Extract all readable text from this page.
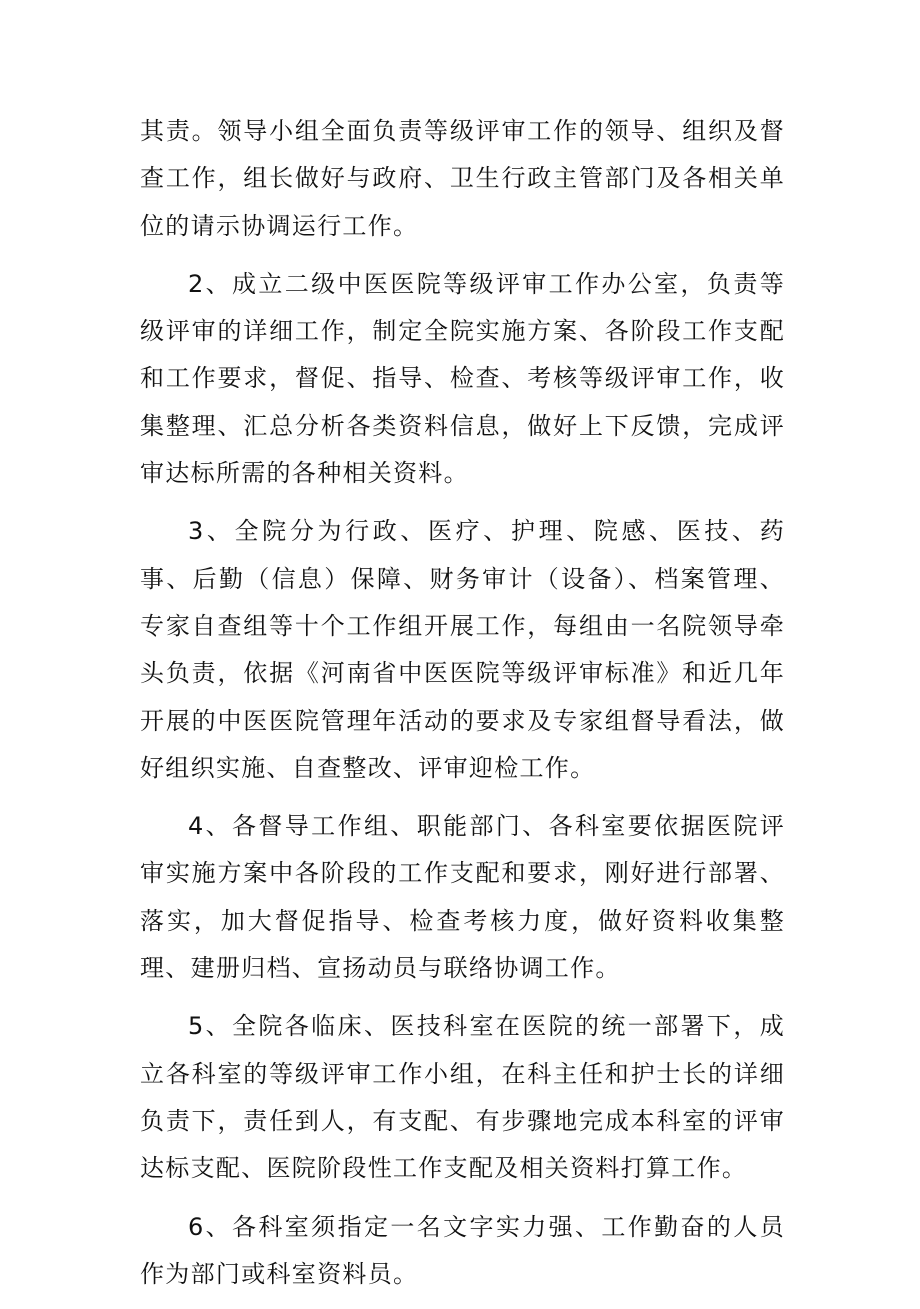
其责。领导小组全面负责等级评审工作的领导、组织及督查工作，组长做好与政府、卫生行政主管部门及各相关单位的请示协调运行工作。

2、成立二级中医医院等级评审工作办公室，负责等级评审的详细工作，制定全院实施方案、各阶段工作支配和工作要求，督促、指导、检查、考核等级评审工作，收集整理、汇总分析各类资料信息，做好上下反馈，完成评审达标所需的各种相关资料。

3、全院分为行政、医疗、护理、院感、医技、药事、后勤（信息）保障、财务审计（设备）、档案管理、专家自查组等十个工作组开展工作，每组由一名院领导牵头负责，依据《河南省中医医院等级评审标准》和近几年开展的中医医院管理年活动的要求及专家组督导看法，做好组织实施、自查整改、评审迎检工作。

4、各督导工作组、职能部门、各科室要依据医院评审实施方案中各阶段的工作支配和要求，刚好进行部署、落实，加大督促指导、检查考核力度，做好资料收集整理、建册归档、宣扬动员与联络协调工作。

5、全院各临床、医技科室在医院的统一部署下，成立各科室的等级评审工作小组，在科主任和护士长的详细负责下，责任到人，有支配、有步骤地完成本科室的评审达标支配、医院阶段性工作支配及相关资料打算工作。

6、各科室须指定一名文字实力强、工作勤奋的人员作为部门或科室资料员。
